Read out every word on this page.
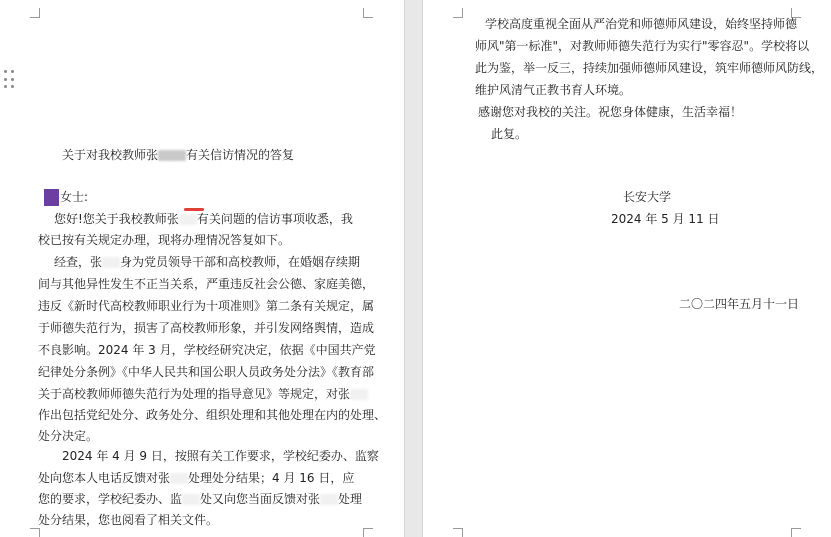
关于对我校教师张 有关信访情况的答复
女士:
您好!您关于我校教师张 有关问题的信访事项收悉，我
校已按有关规定办理，现将办理情况答复如下。
经查，张 身为党员领导干部和高校教师，在婚姻存续期
间与其他异性发生不正当关系，严重违反社会公德、家庭美德，
违反《新时代高校教师职业行为十项准则》第二条有关规定，属
于师德失范行为，损害了高校教师形象，并引发网络舆情，造成
不良影响。2024 年 3 月，学校经研究决定，依据《中国共产党
纪律处分条例》《中华人民共和国公职人员政务处分法》《教育部
关于高校教师师德失范行为处理的指导意见》等规定，对张
作出包括党纪处分、政务处分、组织处理和其他处理在内的处理、
处分决定。
2024 年 4 月 9 日，按照有关工作要求，学校纪委办、监察
处向您本人电话反馈对张 处理处分结果；4 月 16 日，应
您的要求，学校纪委办、监 处又向您当面反馈对张 处理
处分结果，您也阅看了相关文件。
学校高度重视全面从严治党和师德师风建设，始终坚持师德
师风"第一标准"，对教师师德失范行为实行"零容忍"。学校将以
此为鉴，举一反三，持续加强师德师风建设，筑牢师德师风防线，
维护风清气正教书育人环境。
感谢您对我校的关注。祝您身体健康，生活幸福！
此复。
长安大学
2024 年 5 月 11 日
二〇二四年五月十一日
